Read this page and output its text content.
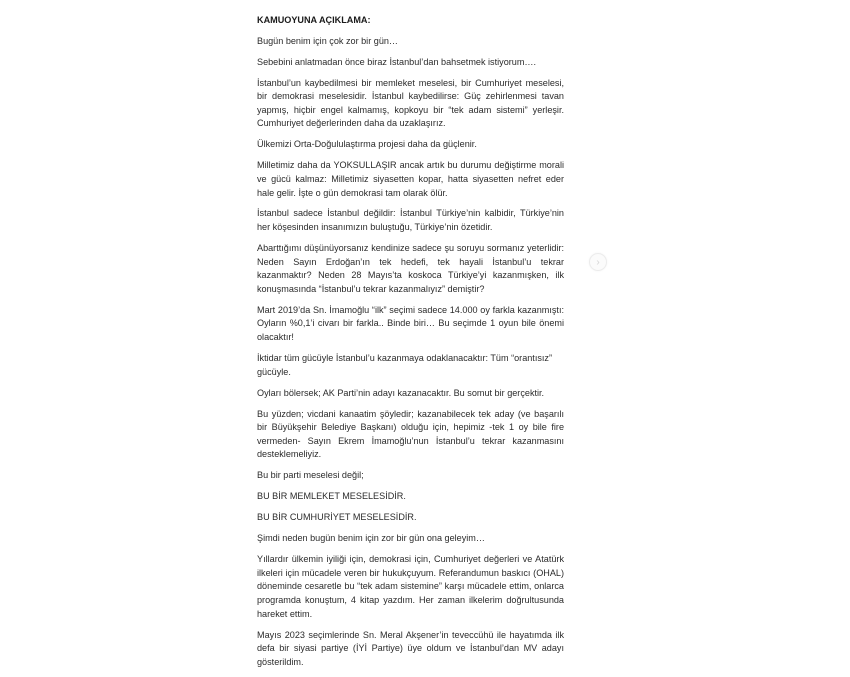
KAMUOYUNA AÇIKLAMA:

Bugün benim için çok zor bir gün…

Sebebini anlatmadan önce biraz İstanbul’dan bahsetmek istiyorum….

İstanbul’un kaybedilmesi bir memleket meselesi, bir Cumhuriyet meselesi, bir demokrasi meselesidir. İstanbul kaybedilirse: Güç zehirlenmesi tavan yapmış, hiçbir engel kalmamış, kopkoyu bir “tek adam sistemi” yerleşir. Cumhuriyet değerlerinden daha da uzaklaşırız.

Ülkemizi Orta-Doğululaştırma projesi daha da güçlenir.

Milletimiz daha da YOKSULLAŞIR ancak artık bu durumu değiştirme morali ve gücü kalmaz: Milletimiz siyasetten kopar, hatta siyasetten nefret eder hale gelir. İşte o gün demokrasi tam olarak ölür.

İstanbul sadece İstanbul değildir: İstanbul Türkiye’nin kalbidir, Türkiye’nin her köşesinden insanımızın buluştuğu, Türkiye’nin özetidir.

Abarttığımı düşünüyorsanız kendinize sadece şu soruyu sormanız yeterlidir: Neden Sayın Erdoğan’ın tek hedefi, tek hayali İstanbul’u tekrar kazanmaktır? Neden 28 Mayıs’ta koskoca Türkiye’yi kazanmışken, ilk konuşmasında “İstanbul’u tekrar kazanmalıyız” demiştir?

Mart 2019’da Sn. İmamoğlu “ilk” seçimi sadece 14.000 oy farkla kazanmıştı: Oyların %0,1’i civarı bir farkla.. Binde biri… Bu seçimde 1 oyun bile önemi olacaktır!

İktidar tüm gücüyle İstanbul’u kazanmaya odaklanacaktır: Tüm “orantısız” gücüyle.

Oyları bölersek; AK Parti’nin adayı kazanacaktır. Bu somut bir gerçektir.

Bu yüzden; vicdani kanaatim şöyledir; kazanabilecek tek aday (ve başarılı bir Büyükşehir Belediye Başkanı) olduğu için, hepimiz -tek 1 oy bile fire vermeden- Sayın Ekrem İmamoğlu’nun İstanbul’u tekrar kazanmasını desteklemeliyiz.

Bu bir parti meselesi değil;

BU BİR MEMLEKET MESELESİDİR.

BU BİR CUMHURİYET MESELESİDİR.

Şimdi neden bugün benim için zor bir gün ona geleyim…

Yıllardır ülkemin iyiliği için, demokrasi için, Cumhuriyet değerleri ve Atatürk ilkeleri için mücadele veren bir hukukçuyum. Referandumun baskıcı (OHAL) döneminde cesaretle bu “tek adam sistemine” karşı mücadele ettim, onlarca programda konuştum, 4 kitap yazdım. Her zaman ilkelerim doğrultusunda hareket ettim.

Mayıs 2023 seçimlerinde Sn. Meral Akşener’in teveccühü ile hayatımda ilk defa bir siyasi partiye (İYİ Partiye) üye oldum ve İstanbul’dan MV adayı gösterildim.

›
